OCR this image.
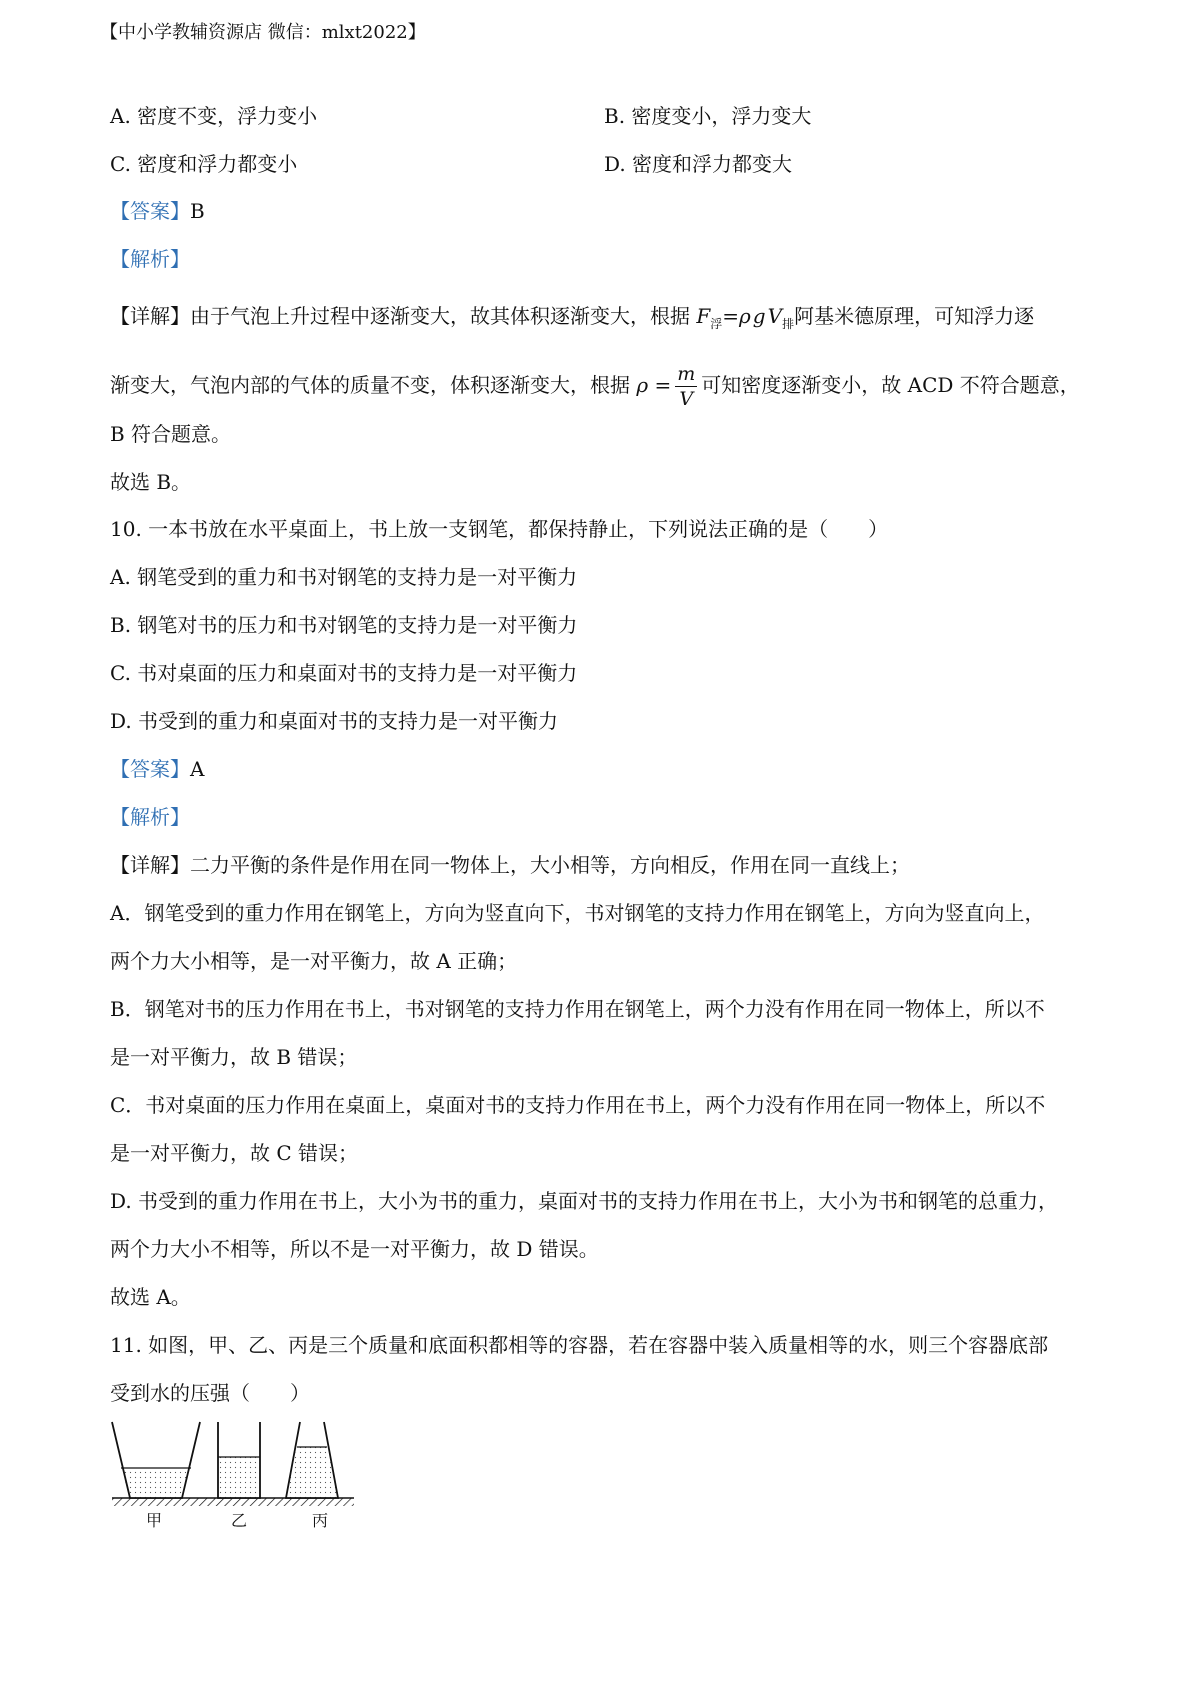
【中小学教辅资源店 微信：mlxt2022】
A. 密度不变，浮力变小	B. 密度变小，浮力变大
C. 密度和浮力都变小	D. 密度和浮力都变大
【答案】B
【解析】
【详解】由于气泡上升过程中逐渐变大，故其体积逐渐变大，根据 $F_浮=\rho$ g $V_排$阿基米德原理，可知浮力逐
渐变大，气泡内部的气体的质量不变，体积逐渐变大，根据 $\rho = \frac{m}{V}$ 可知密度逐渐变小，故 ACD 不符合题意，
B 符合题意。
故选 B。
10. 一本书放在水平桌面上，书上放一支钢笔，都保持静止，下列说法正确的是（　　）
A. 钢笔受到的重力和书对钢笔的支持力是一对平衡力
B. 钢笔对书的压力和书对钢笔的支持力是一对平衡力
C. 书对桌面的压力和桌面对书的支持力是一对平衡力
D. 书受到的重力和桌面对书的支持力是一对平衡力
【答案】A
【解析】
【详解】二力平衡的条件是作用在同一物体上，大小相等，方向相反，作用在同一直线上；
A．钢笔受到的重力作用在钢笔上，方向为竖直向下，书对钢笔的支持力作用在钢笔上，方向为竖直向上，
两个力大小相等，是一对平衡力，故 A 正确；
B．钢笔对书的压力作用在书上，书对钢笔的支持力作用在钢笔上，两个力没有作用在同一物体上，所以不
是一对平衡力，故 B 错误；
C．书对桌面的压力作用在桌面上，桌面对书的支持力作用在书上，两个力没有作用在同一物体上，所以不
是一对平衡力，故 C 错误；
D. 书受到的重力作用在书上，大小为书的重力，桌面对书的支持力作用在书上，大小为书和钢笔的总重力，
两个力大小不相等，所以不是一对平衡力，故 D 错误。
故选 A。
11. 如图，甲、乙、丙是三个质量和底面积都相等的容器，若在容器中装入质量相等的水，则三个容器底部
受到水的压强（　　）
甲	乙	丙
